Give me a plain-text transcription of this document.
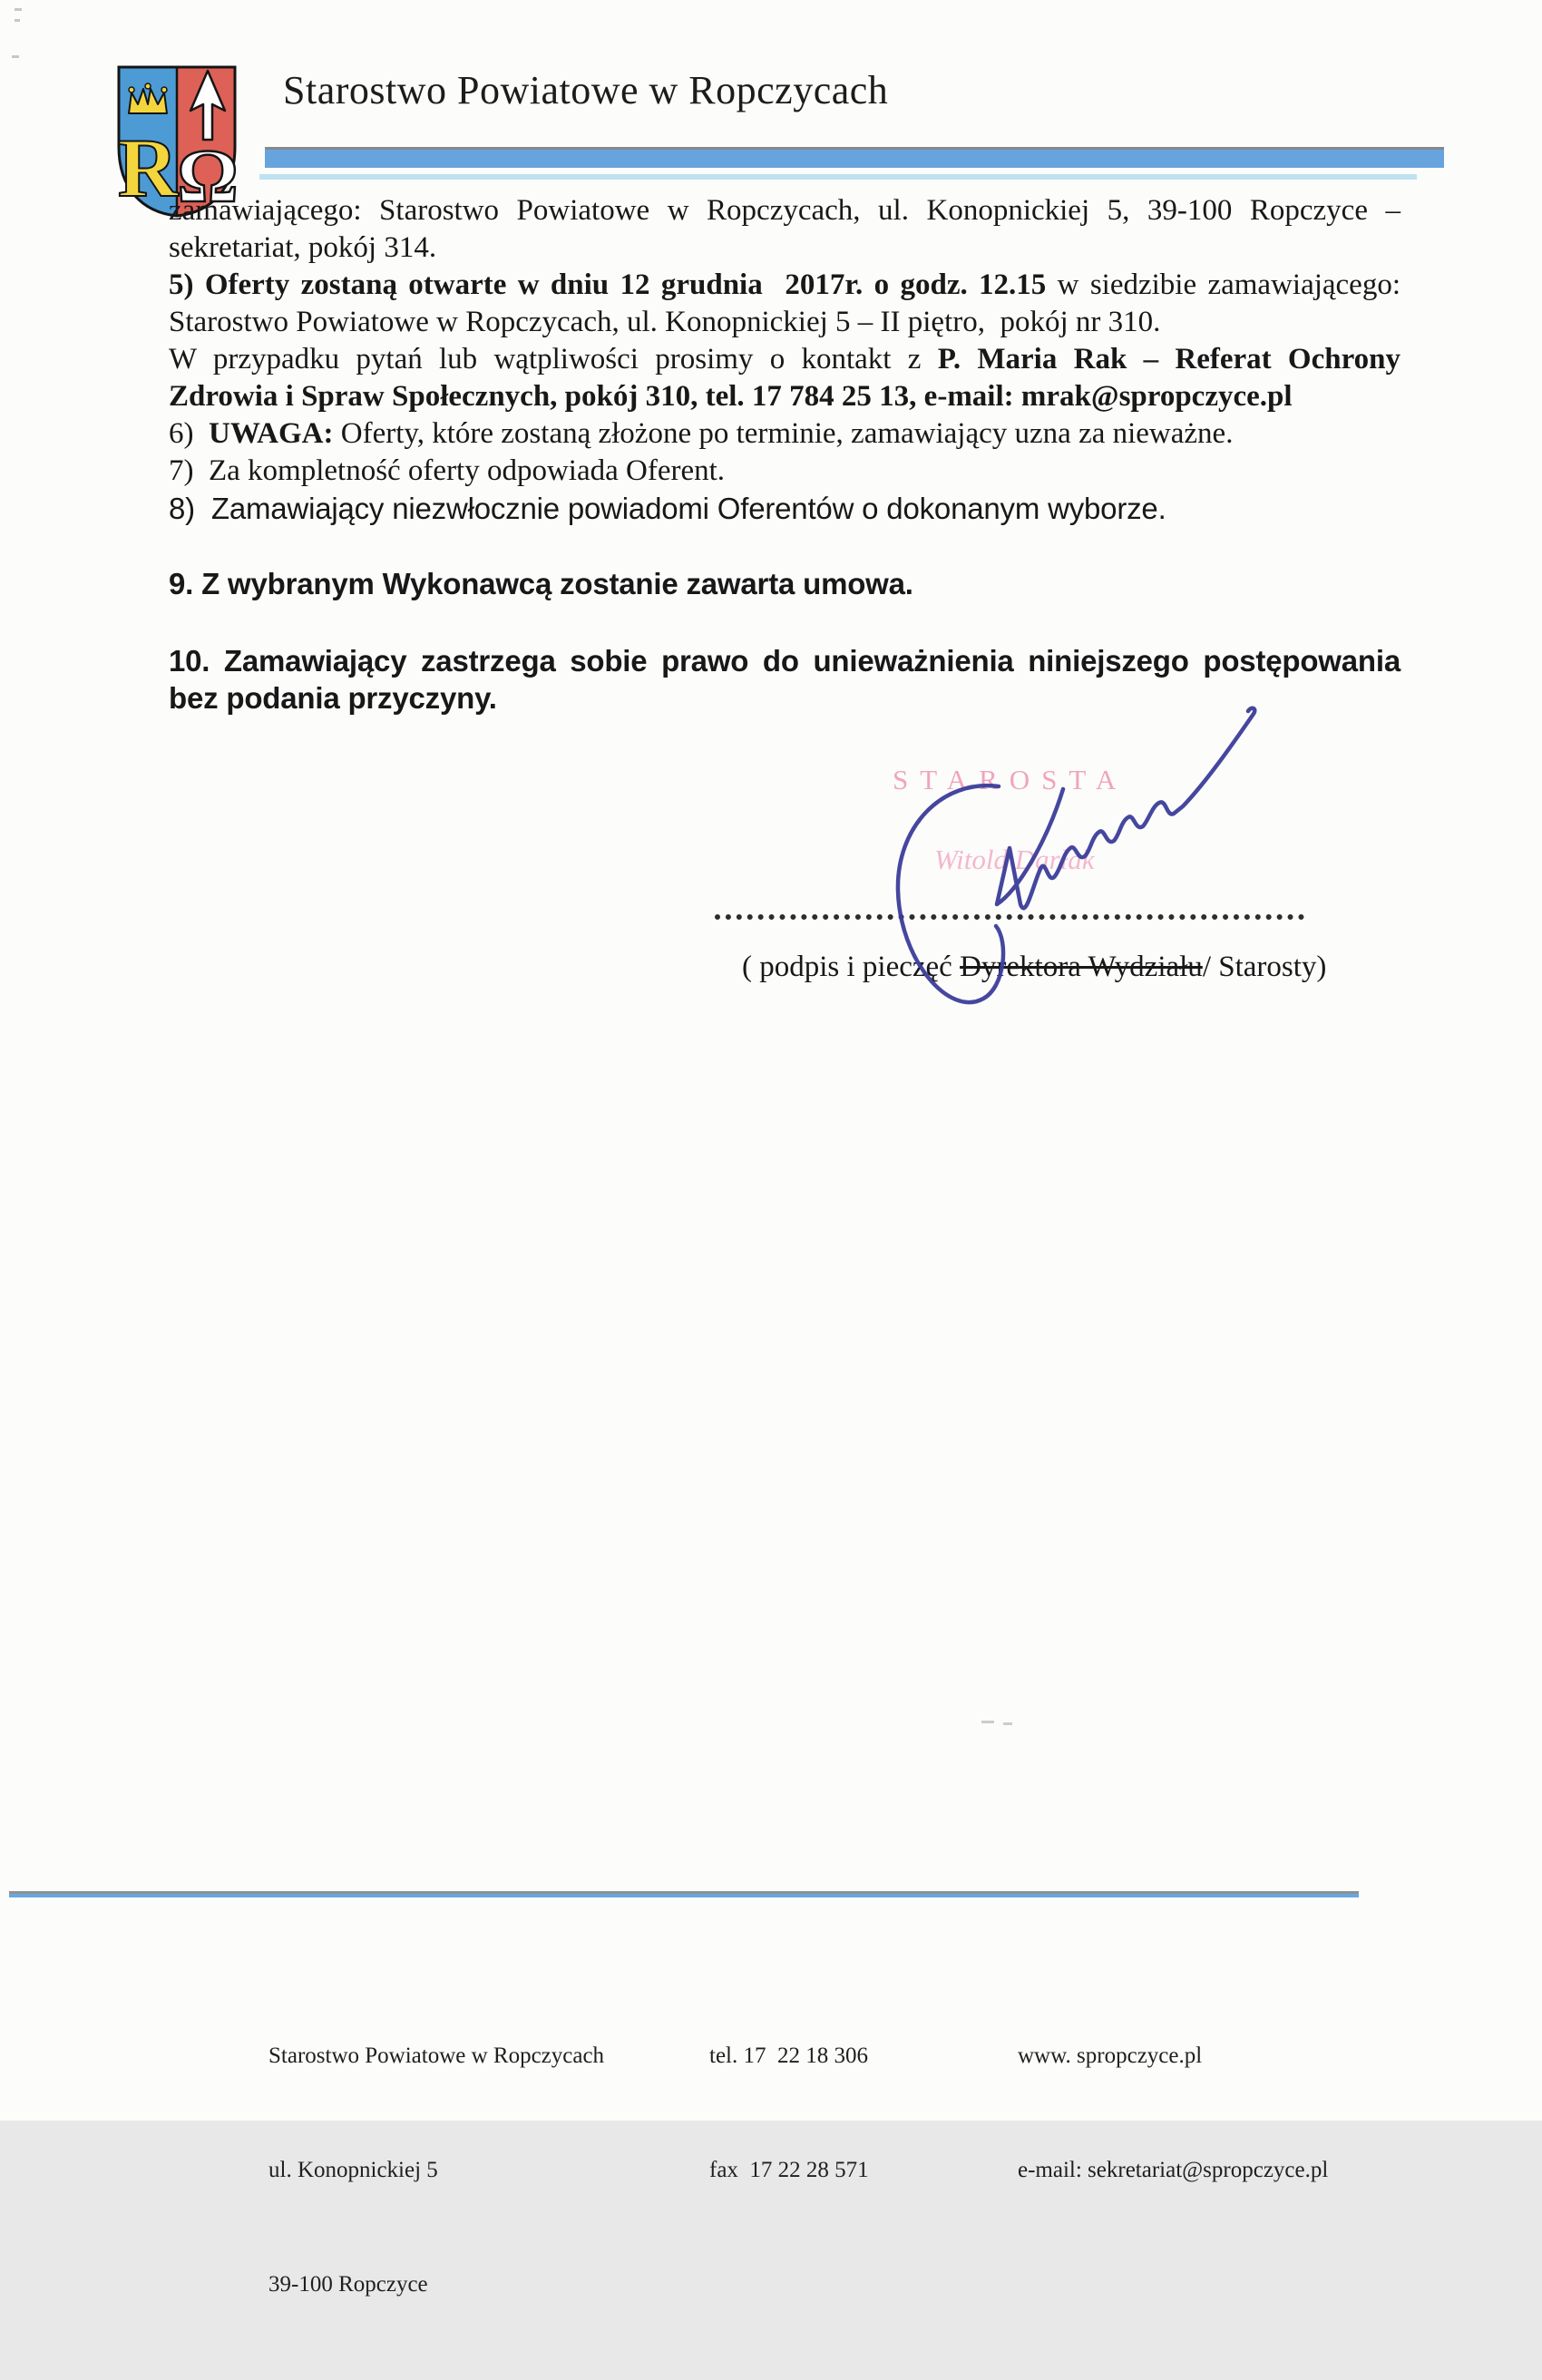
R Ω
Starostwo Powiatowe w Ropczycach
zamawiającego: Starostwo Powiatowe w Ropczycach, ul. Konopnickiej 5, 39-100 Ropczyce –
sekretariat, pokój 314.
5) Oferty zostaną otwarte w dniu 12 grudnia  2017r. o godz. 12.15 w siedzibie zamawiającego:
Starostwo Powiatowe w Ropczycach, ul. Konopnickiej 5 – II piętro,  pokój nr 310.
W przypadku pytań lub wątpliwości prosimy o kontakt z P. Maria Rak – Referat Ochrony
Zdrowia i Spraw Społecznych, pokój 310, tel. 17 784 25 13, e-mail: mrak@spropczyce.pl
6)  UWAGA: Oferty, które zostaną złożone po terminie, zamawiający uzna za nieważne.
7)  Za kompletność oferty odpowiada Oferent.
8)  Zamawiający niezwłocznie powiadomi Oferentów o dokonanym wyborze.
9. Z wybranym Wykonawcą zostanie zawarta umowa.
10. Zamawiający zastrzega sobie prawo do unieważnienia niniejszego postępowania
bez podania przyczyny.
STAROSTA
Witold Darłak
( podpis i pieczęć Dyrektora Wydziału/ Starosty)

Starostwo Powiatowe w Ropczycach

ul. Konopnickiej 5

39-100 Ropczyce

tel. 17  22 18 306

fax  17 22 28 571

www. spropczyce.pl

e-mail: sekretariat@spropczyce.pl
